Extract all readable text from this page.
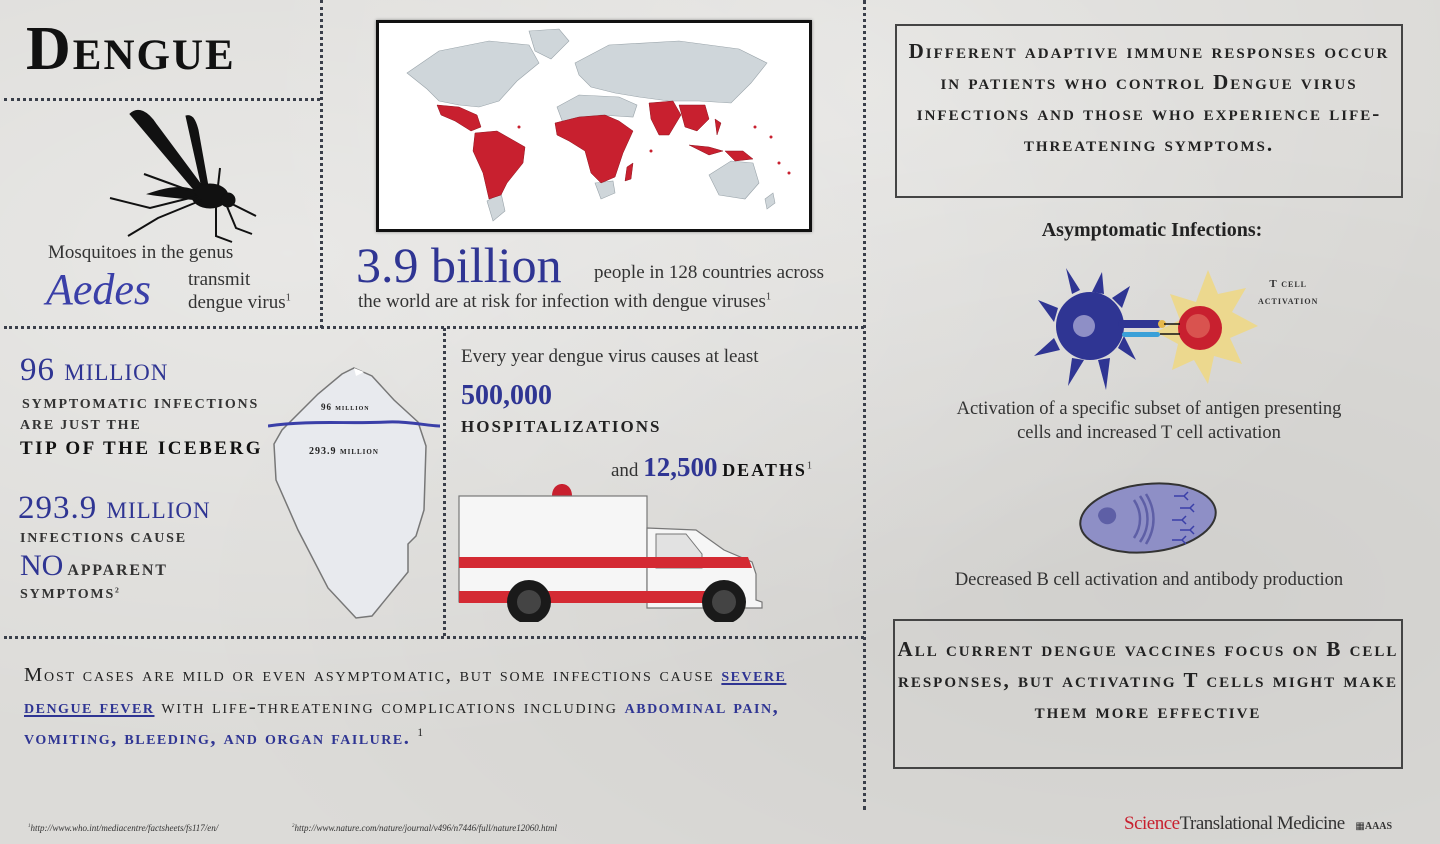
Dengue
Mosquitoes in the genus
Aedes transmit
dengue virus$^1$
3.9 billion people in 128 countries across
the world are at risk for infection with dengue viruses$^1$
96 million
SYMPTOMATIC INFECTIONS
ARE JUST THE
TIP OF THE ICEBERG
293.9 million
INFECTIONS CAUSE
NO APPARENT
SYMPTOMS$^2$
96 million
293.9 million
Every year dengue virus causes at least
500,000
HOSPITALIZATIONS
and 12,500 DEATHS$^1$
Most cases are mild or even asymptomatic, but some infections cause severe dengue fever with life-threatening complications including abdominal pain, vomiting, bleeding, and organ failure. $^1$
$^1$http://www.who.int/mediacentre/factsheets/fs117/en/	$^2$http://www.nature.com/nature/journal/v496/n7446/full/nature12060.html
Different adaptive immune responses occur in patients who control Dengue virus infections and those who experience life-threatening symptoms.
Asymptomatic Infections:
T cell
activation
Activation of a specific subset of antigen presenting
cells and increased T cell activation
Decreased B cell activation and antibody production
All current dengue vaccines focus on B cell responses, but activating T cells might make them more effective
ScienceTranslational Medicine ▦AAAS
